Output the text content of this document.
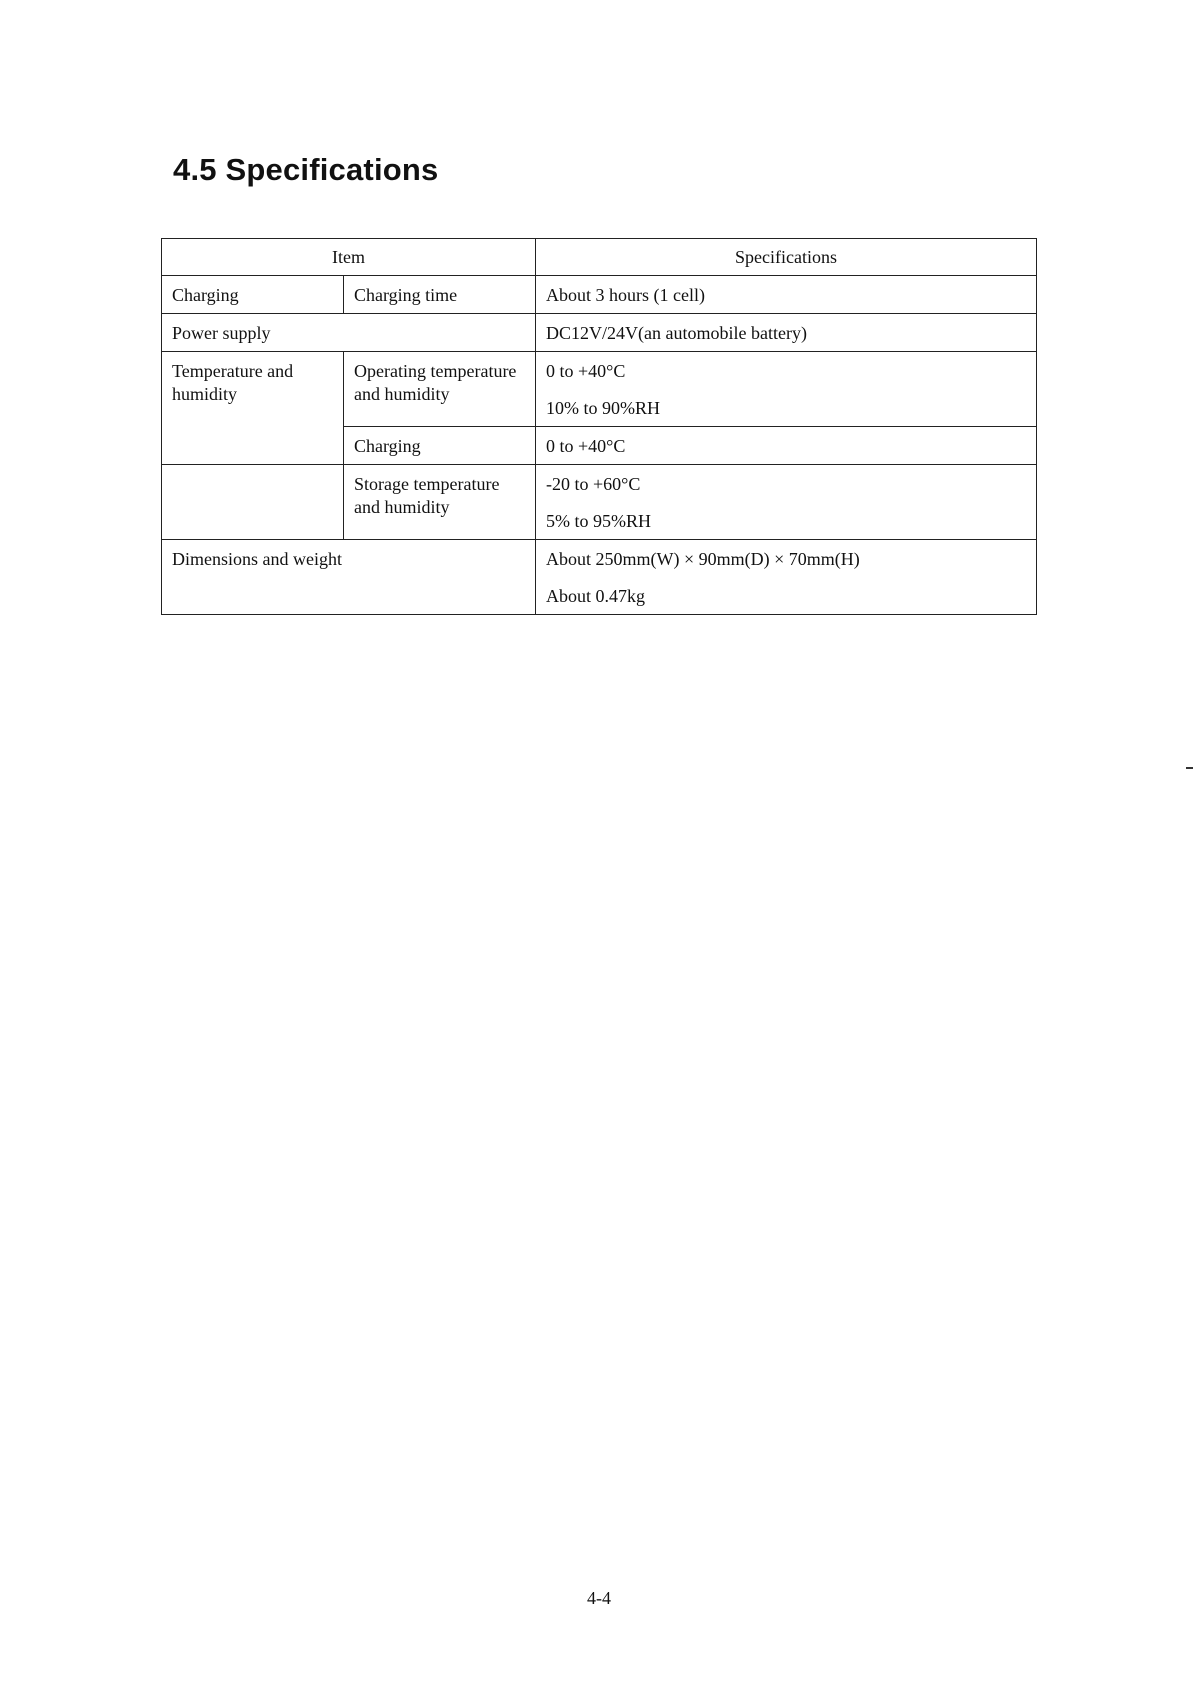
4.5 Specifications
Item		Specifications
Charging	Charging time	About 3 hours (1 cell)
Power supply		DC12V/24V(an automobile battery)
Temperature and humidity	Operating temperature and humidity	0 to +40°C
10% to 90%RH

	Charging	0 to +40°C
	Storage temperature and humidity	-20 to +60°C
5% to 95%RH

Dimensions and weight		About 250mm(W) × 90mm(D) × 70mm(H)
About 0.47kg
4-4
